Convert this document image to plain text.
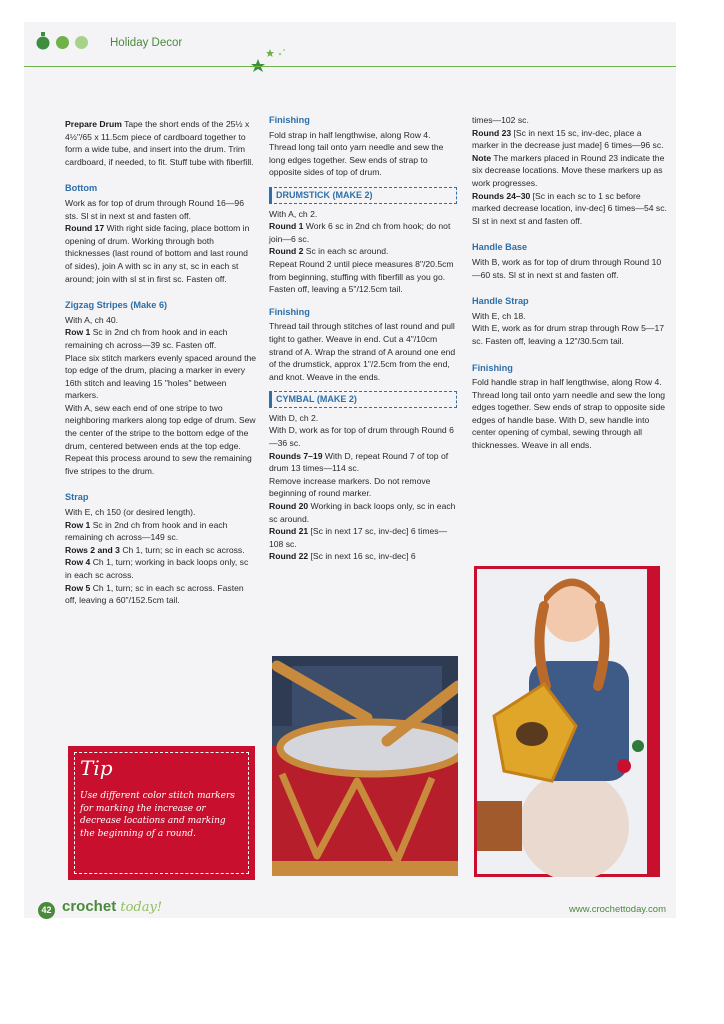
Holiday Decor

Prepare Drum Tape the short ends of the 25½ x 4½"/65 x 11.5cm piece of cardboard together to form a wide tube, and insert into the drum. Trim cardboard, if needed, to fit. Stuff tube with fiberfill.

Bottom

Work as for top of drum through Round 16—96 sts. Sl st in next st and fasten off.

Round 17 With right side facing, place bottom in opening of drum. Working through both thicknesses (last round of bottom and last round of sides), join A with sc in any st, sc in each st around; join with sl st in first sc. Fasten off.

Zigzag Stripes (Make 6)

With A, ch 40.

Row 1 Sc in 2nd ch from hook and in each remaining ch across—39 sc. Fasten off.

Place six stitch markers evenly spaced around the top edge of the drum, placing a marker in every 16th stitch and leaving 15 "holes" between markers.

With A, sew each end of one stripe to two neighboring markers along top edge of drum. Sew the center of the stripe to the bottom edge of the drum, centered between ends at the top edge. Repeat this process around to sew the remaining five stripes to the drum.

Strap

With E, ch 150 (or desired length).

Row 1 Sc in 2nd ch from hook and in each remaining ch across—149 sc.

Rows 2 and 3 Ch 1, turn; sc in each sc across.

Row 4 Ch 1, turn; working in back loops only, sc in each sc across.

Row 5 Ch 1, turn; sc in each sc across. Fasten off, leaving a 60"/152.5cm tail.

Tip
Use different color stitch markers for marking the increase or decrease locations and marking the beginning of a round.

Finishing

Fold strap in half lengthwise, along Row 4. Thread long tail onto yarn needle and sew the long edges together. Sew ends of strap to opposite sides of top of drum.

DRUMSTICK (MAKE 2)

With A, ch 2.

Round 1 Work 6 sc in 2nd ch from hook; do not join—6 sc.

Round 2 Sc in each sc around.

Repeat Round 2 until piece measures 8"/20.5cm from beginning, stuffing with fiberfill as you go. Fasten off, leaving a 5"/12.5cm tail.

Finishing

Thread tail through stitches of last round and pull tight to gather. Weave in end. Cut a 4"/10cm strand of A. Wrap the strand of A around one end of the drumstick, approx 1"/2.5cm from the end, and knot. Weave in the ends.

CYMBAL (MAKE 2)

With D, ch 2.

With D, work as for top of drum through Round 6—36 sc.

Rounds 7–19 With D, repeat Round 7 of top of drum 13 times—114 sc.

Remove increase markers. Do not remove beginning of round marker.

Round 20 Working in back loops only, sc in each sc around.

Round 21 [Sc in next 17 sc, inv-dec] 6 times—108 sc.

Round 22 [Sc in next 16 sc, inv-dec] 6

times—102 sc.

Round 23 [Sc in next 15 sc, inv-dec, place a marker in the decrease just made] 6 times—96 sc.

Note The markers placed in Round 23 indicate the six decrease locations. Move these markers up as work progresses.

Rounds 24–30 [Sc in each sc to 1 sc before marked decrease location, inv-dec] 6 times—54 sc.

Sl st in next st and fasten off.

Handle Base

With B, work as for top of drum through Round 10—60 sts. Sl st in next st and fasten off.

Handle Strap

With E, ch 18.

With E, work as for drum strap through Row 5—17 sc. Fasten off, leaving a 12"/30.5cm tail.

Finishing

Fold handle strap in half lengthwise, along Row 4. Thread long tail onto yarn needle and sew the long edges together. Sew ends of strap to opposite side edges of handle base. With D, sew handle into center opening of cymbal, sewing through all thicknesses. Weave in all ends.

42 crochet today!	www.crochettoday.com
